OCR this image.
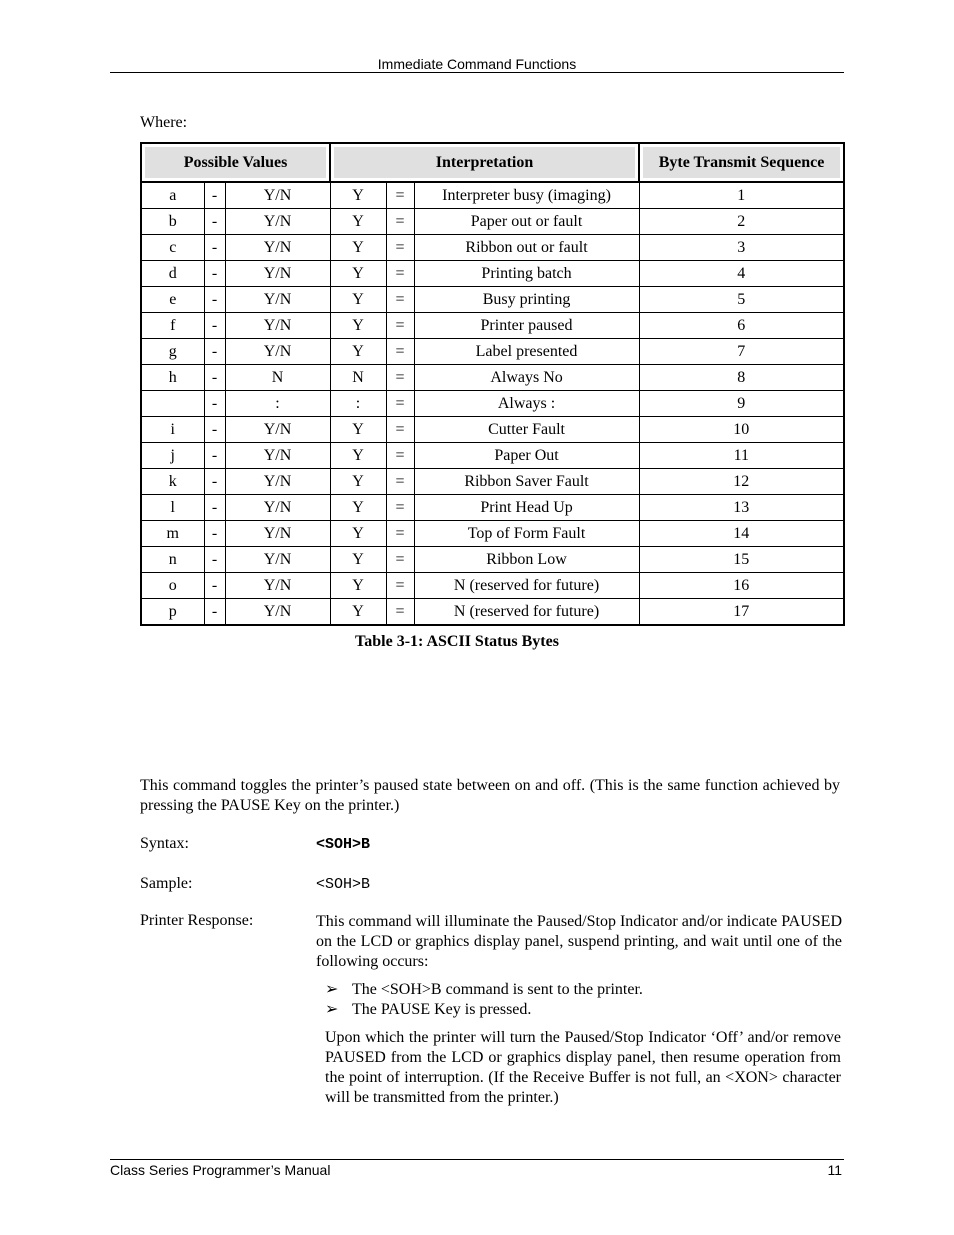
Immediate Command Functions
Where:
Possible Values			Interpretation			Byte Transmit Sequence
a	-	Y/N	Y	=	Interpreter busy (imaging)	1
b	-	Y/N	Y	=	Paper out or fault	2
c	-	Y/N	Y	=	Ribbon out or fault	3
d	-	Y/N	Y	=	Printing batch	4
e	-	Y/N	Y	=	Busy printing	5
f	-	Y/N	Y	=	Printer paused	6
g	-	Y/N	Y	=	Label presented	7
h	-	N	N	=	Always No	8
	-	:	:	=	Always :	9
i	-	Y/N	Y	=	Cutter Fault	10
j	-	Y/N	Y	=	Paper Out	11
k	-	Y/N	Y	=	Ribbon Saver Fault	12
l	-	Y/N	Y	=	Print Head Up	13
m	-	Y/N	Y	=	Top of Form Fault	14
n	-	Y/N	Y	=	Ribbon Low	15
o	-	Y/N	Y	=	N (reserved for future)	16
p	-	Y/N	Y	=	N (reserved for future)	17
Table 3-1: ASCII Status Bytes
This command toggles the printer’s paused state between on and off. (This is the same function achieved by pressing the PAUSE Key on the printer.)
Syntax:	<SOH>B
Sample:	<SOH>B
Printer Response:	This command will illuminate the Paused/Stop Indicator and/or indicate PAUSED on the LCD or graphics display panel, suspend printing, and wait until one of the following occurs:
➢ The <SOH>B command is sent to the printer.
➢ The PAUSE Key is pressed.
Upon which the printer will turn the Paused/Stop Indicator ‘Off’ and/or remove PAUSED from the LCD or graphics display panel, then resume operation from the point of interruption. (If the Receive Buffer is not full, an <XON> character will be transmitted from the printer.)
Class Series Programmer’s Manual	11
